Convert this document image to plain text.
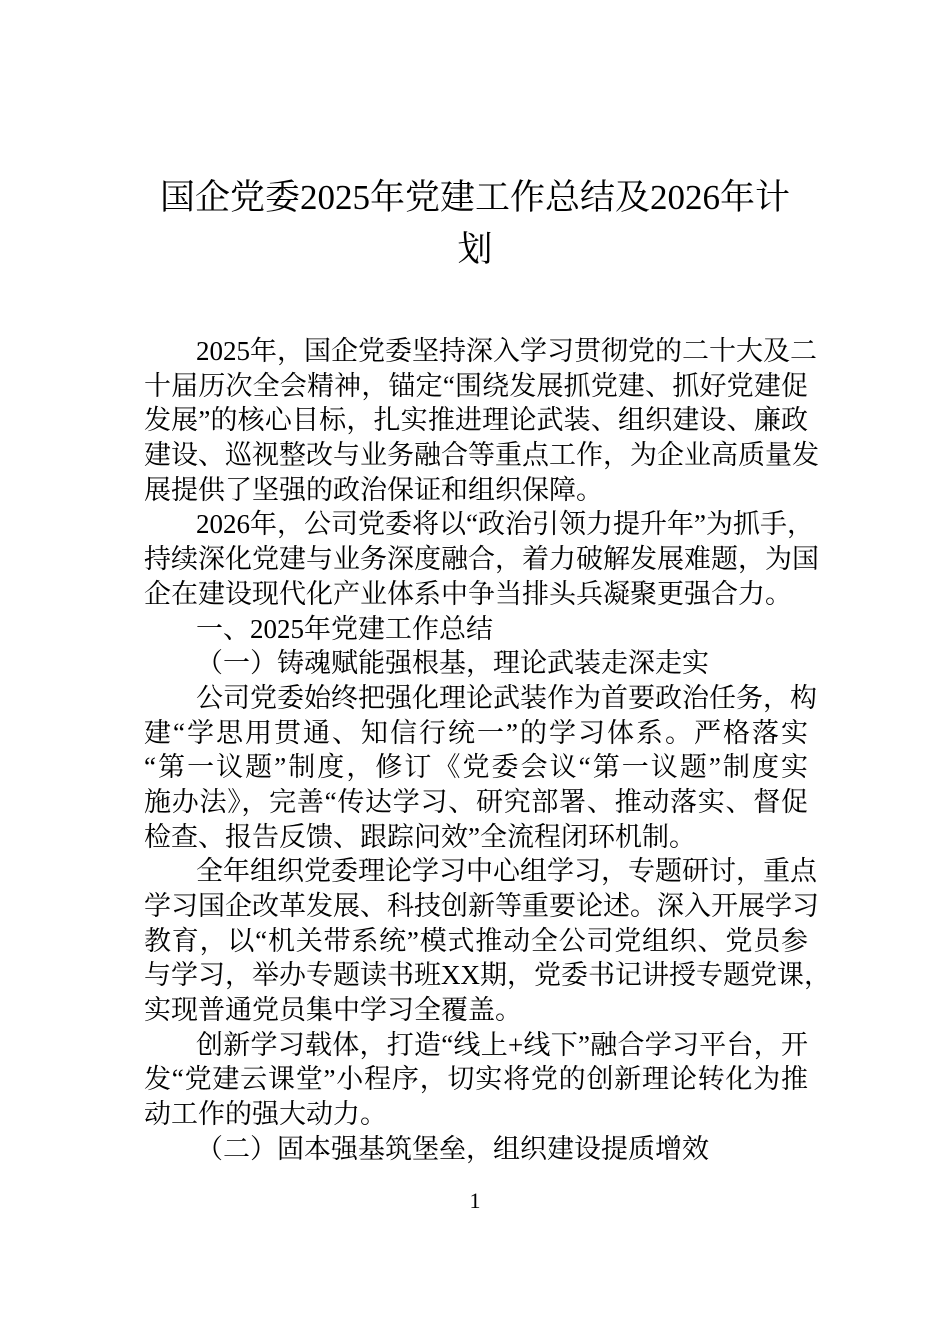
国企党委2025年党建工作总结及2026年计
划
2025年，国企党委坚持深入学习贯彻党的二十大及二
十届历次全会精神，锚定“围绕发展抓党建、抓好党建促
发展”的核心目标，扎实推进理论武装、组织建设、廉政
建设、巡视整改与业务融合等重点工作，为企业高质量发
展提供了坚强的政治保证和组织保障。
2026年，公司党委将以“政治引领力提升年”为抓手，
持续深化党建与业务深度融合，着力破解发展难题，为国
企在建设现代化产业体系中争当排头兵凝聚更强合力。
一、2025年党建工作总结
（一）铸魂赋能强根基，理论武装走深走实
公司党委始终把强化理论武装作为首要政治任务，构
建“学思用贯通、知信行统一”的学习体系。严格落实
“第一议题”制度，修订《党委会议“第一议题”制度实
施办法》，完善“传达学习、研究部署、推动落实、督促
检查、报告反馈、跟踪问效”全流程闭环机制。
全年组织党委理论学习中心组学习，专题研讨，重点
学习国企改革发展、科技创新等重要论述。深入开展学习
教育，以“机关带系统”模式推动全公司党组织、党员参
与学习，举办专题读书班XX期，党委书记讲授专题党课，
实现普通党员集中学习全覆盖。
创新学习载体，打造“线上+线下”融合学习平台，开
发“党建云课堂”小程序，切实将党的创新理论转化为推
动工作的强大动力。
（二）固本强基筑堡垒，组织建设提质增效
1
